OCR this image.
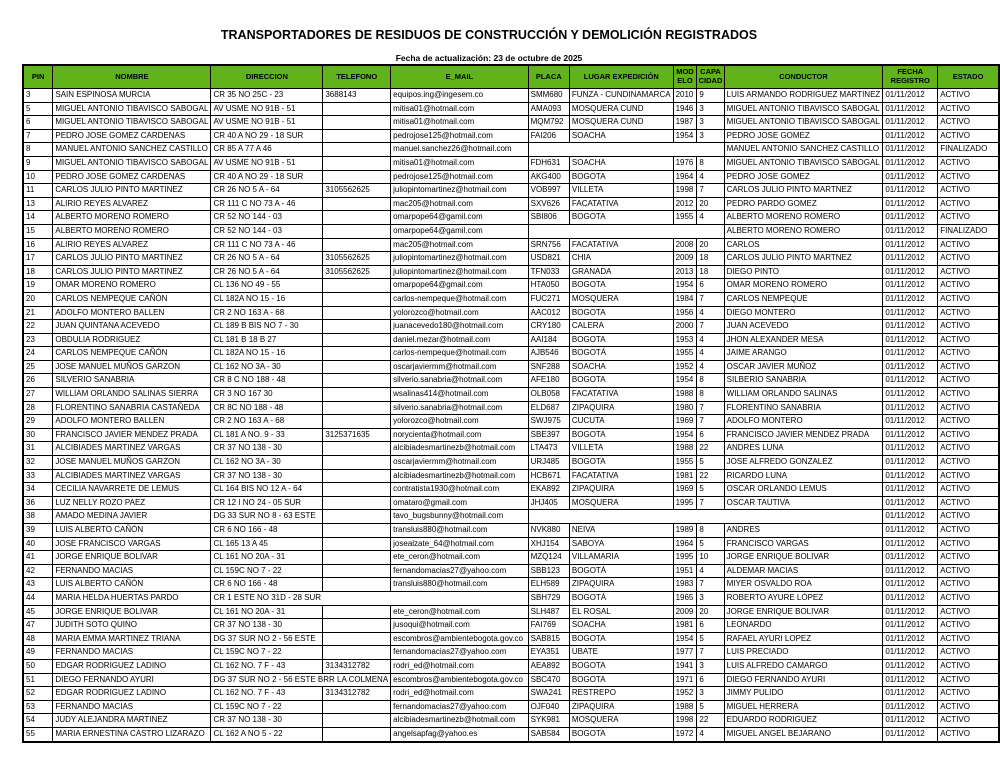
TRANSPORTADORES DE RESIDUOS DE CONSTRUCCIÓN Y DEMOLICIÓN REGISTRADOS
Fecha de actualización: 23 de octubre de 2025
PIN	NOMBRE	DIRECCION	TELEFONO	E_MAIL	PLACA	LUGAR EXPEDICIÓN	MODELO	CAPACIDAD	CONDUCTOR	FECHA REGISTRO	ESTADO
3	SAIN ESPINOSA MURCIA	CR 35 NO 25C - 23	3688143	equipos.ing@ingesem.co	SMM680	FUNZA - CUNDINAMARCA	2010	9	LUIS ARMANDO RODRIGUEZ MARTINEZ	01/11/2012	ACTIVO
5	MIGUEL ANTONIO TIBAVISCO SABOGAL	AV USME NO 91B - 51		mitisa01@hotmail.com	AMA093	MOSQUERA CUND	1946	3	MIGUEL ANTONIO TIBAVISCO SABOGAL	01/11/2012	ACTIVO
6	MIGUEL ANTONIO TIBAVISCO SABOGAL	AV USME NO 91B - 51		mitisa01@hotmail.com	MQM792	MOSQUERA CUND	1987	3	MIGUEL ANTONIO TIBAVISCO SABOGAL	01/11/2012	ACTIVO
7	PEDRO JOSE GOMEZ CARDENAS	CR 40 A NO 29 - 18 SUR		pedrojose125@hotmail.com	FAI206	SOACHA	1954	3	PEDRO JOSE GOMEZ	01/11/2012	ACTIVO
8	MANUEL ANTONIO SANCHEZ CASTILLO	CR 85 A 77 A 46		manuel.sanchez26@hotmail.com					MANUEL ANTONIO SANCHEZ CASTILLO	01/11/2012	FINALIZADO
9	MIGUEL ANTONIO TIBAVISCO SABOGAL	AV USME NO 91B - 51		mitisa01@hotmail.com	FDH631	SOACHA	1976	8	MIGUEL ANTONIO TIBAVISCO SABOGAL	01/11/2012	ACTIVO
10	PEDRO JOSE GOMEZ CARDENAS	CR 40 A NO 29 - 18 SUR		pedrojose125@hotmail.com	AKG400	BOGOTA	1964	4	PEDRO JOSE GOMEZ	01/11/2012	ACTIVO
11	CARLOS JULIO PINTO MARTINEZ	CR 26 NO 5 A - 64	3105562625	juliopintomartinez@hotmail.com	VOB997	VILLETA	1998	7	CARLOS JULIO PINTO MARTNEZ	01/11/2012	ACTIVO
13	ALIRIO REYES ALVAREZ	CR 111 C NO 73 A - 46		mac205@hotmail.com	SXV626	FACATATIVA	2012	20	PEDRO PARDO GOMEZ	01/11/2012	ACTIVO
14	ALBERTO MORENO ROMERO	CR 52 NO 144 - 03		omarpope64@gamil.com	SBI806	BOGOTA	1955	4	ALBERTO MORENO ROMERO	01/11/2012	ACTIVO
15	ALBERTO MORENO ROMERO	CR 52 NO 144 - 03		omarpope64@gamil.com					ALBERTO MORENO ROMERO	01/11/2012	FINALIZADO
16	ALIRIO REYES ALVAREZ	CR 111 C NO 73 A - 46		mac205@hotmail.com	SRN756	FACATATIVA	2008	20	CARLOS	01/11/2012	ACTIVO
17	CARLOS JULIO PINTO MARTINEZ	CR 26 NO 5 A - 64	3105562625	juliopintomartinez@hotmail.com	USD821	CHIA	2009	18	CARLOS JULIO PINTO MARTNEZ	01/11/2012	ACTIVO
18	CARLOS JULIO PINTO MARTINEZ	CR 26 NO 5 A - 64	3105562625	juliopintomartinez@hotmail.com	TFN033	GRANADA	2013	18	DIEGO PINTO	01/11/2012	ACTIVO
19	OMAR MORENO ROMERO	CL 136 NO 49 - 55		omarpope64@gmail.com	HTA050	BOGOTA	1954	6	OMAR MORENO ROMERO	01/11/2012	ACTIVO
20	CARLOS NEMPEQUE CAÑÓN	CL 182A NO 15 - 16		carlos-nempeque@hotmail.com	FUC271	MOSQUERA	1984	7	CARLOS NEMPEQUE	01/11/2012	ACTIVO
21	ADOLFO MONTERO BALLEN	CR 2 NO 163 A - 68		yolorozco@hotmail.com	AAC012	BOGOTA	1956	4	DIEGO MONTERO	01/11/2012	ACTIVO
22	JUAN QUINTANA ACEVEDO	CL 189 B BIS NO 7 - 30		juanacevedo180@hotmail.com	CRY180	CALERA	2000	7	JUAN ACEVEDO	01/11/2012	ACTIVO
23	OBDULIA RODRIGUEZ	CL 181 B 18 B 27		daniel.mezar@hotmail.com	AAI184	BOGOTA	1953	4	JHON ALEXANDER MESA	01/11/2012	ACTIVO
24	CARLOS NEMPEQUE CAÑÓN	CL 182A NO 15 - 16		carlos-nempeque@hotmail.com	AJB546	BOGOTÁ	1955	4	JAIME ARANGO	01/11/2012	ACTIVO
25	JOSE MANUEL MUÑOS GARZON	CL 162 NO 3A - 30		oscarjaviermm@hotmail.com	SNF288	SOACHA	1952	4	OSCAR JAVIER MUÑOZ	01/11/2012	ACTIVO
26	SILVERIO SANABRIA	CR 8 C NO 188 - 48		silverio.sanabria@hotmail.com	AFE180	BOGOTA	1954	8	SILBERIO SANABRIA	01/11/2012	ACTIVO
27	WILLIAM ORLANDO SALINAS SIERRA	CR 3 NO 167 30		wsalinas414@hotmail.com	OLB058	FACATATIVA	1988	8	WILLIAM ORLANDO SALINAS	01/11/2012	ACTIVO
28	FLORENTINO SANABRIA CASTAÑEDA	CR 8C NO 188 - 48		silverio.sanabria@hotmail.com	ELD687	ZIPAQUIRA	1980	7	FLORENTINO SANABRIA	01/11/2012	ACTIVO
29	ADOLFO MONTERO BALLEN	CR 2 NO 163 A - 68		yolorozco@hotmail.com	SWJ975	CUCUTA	1969	7	ADOLFO MONTERO	01/11/2012	ACTIVO
30	FRANCISCO JAVIER MENDEZ PRADA	CL 181 A NO. 9 - 33	3125371635	norycienta@hotmail.com	SBE397	BOGOTA	1954	6	FRANCISCO JAVIER MENDEZ PRADA	01/11/2012	ACTIVO
31	ALCIBIADES MARTINEZ VARGAS	CR 37 NO 138 - 30		alcibiadesmartinezb@hotmail.com	LTA473	VILLETA	1988	22	ANDRES LUNA	01/11/2012	ACTIVO
32	JOSE MANUEL MUÑOS GARZON	CL 162 NO 3A - 30		oscarjaviermm@hotmail.com	URJ485	BOGOTA	1955	5	JOSE ALFREDO GONZALEZ	01/11/2012	ACTIVO
33	ALCIBIADES MARTINEZ VARGAS	CR 37 NO 138 - 30		alcibiadesmartinezb@hotmail.com	HCB671	FACATATIVA	1981	22	RICARDO LUNA	01/11/2012	ACTIVO
34	CECILIA NAVARRETE DE LEMUS	CL 164 BIS NO 12 A - 64		contratista1930@hotmail.com	EKA892	ZIPAQUIRA	1969	5	OSCAR ORLANDO LEMUS	01/11/2012	ACTIVO
36	LUZ NELLY ROZO PAEZ	CR 12 I NO 24 - 05 SUR		omataro@gmail.com	JHJ405	MOSQUERA	1995	7	OSCAR TAUTIVA	01/11/2012	ACTIVO
38	AMADO MEDINA JAVIER	DG 33 SUR NO 8 - 63 ESTE		tavo_bugsbunny@hotmail.com						01/11/2012	ACTIVO
39	LUIS ALBERTO CAÑÓN	CR 6 NO 166 - 48		transluis880@hotmail.com	NVK880	NEIVA	1989	8	ANDRES	01/11/2012	ACTIVO
40	JOSE FRANCISCO VARGAS	CL 165 13 A 45		josealzate_64@hotmail.com	XHJ154	SABOYA	1964	5	FRANCISCO VARGAS	01/11/2012	ACTIVO
41	JORGE ENRIQUE BOLIVAR	CL 161 NO 20A - 31		ete_ceron@hotmail.com	MZQ124	VILLAMARIA	1995	10	JORGE ENRIQUE BOLIVAR	01/11/2012	ACTIVO
42	FERNANDO MACIAS	CL 159C NO 7 - 22		fernandomacias27@yahoo.com	SBB123	BOGOTÁ	1951	4	ALDEMAR MACIAS	01/11/2012	ACTIVO
43	LUIS ALBERTO CAÑÓN	CR 6 NO 166 - 48		transluis880@hotmail.com	ELH589	ZIPAQUIRA	1983	7	MIYER OSVALDO ROA	01/11/2012	ACTIVO
44	MARIA HELDA HUERTAS PARDO	CR 1 ESTE NO 31D - 28 SUR			SBH729	BOGOTÁ	1965	3	ROBERTO AYURE LÓPEZ	01/11/2012	ACTIVO
45	JORGE ENRIQUE BOLIVAR	CL 161 NO 20A - 31		ete_ceron@hotmail.com	SLH487	EL ROSAL	2009	20	JORGE ENRIQUE BOLIVAR	01/11/2012	ACTIVO
47	JUDITH SOTO QUINO	CR 37 NO 138 - 30		jusoqui@hotmail.com	FAI769	SOACHA	1981	6	LEONARDO	01/11/2012	ACTIVO
48	MARIA EMMA MARTINEZ TRIANA	DG 37 SUR NO 2 - 56 ESTE		escombros@ambientebogota.gov.co	SAB815	BOGOTA	1954	5	RAFAEL AYURI LOPEZ	01/11/2012	ACTIVO
49	FERNANDO MACIAS	CL 159C NO 7 - 22		fernandomacias27@yahoo.com	EYA351	UBATE	1977	7	LUIS PRECIADO	01/11/2012	ACTIVO
50	EDGAR RODRIGUEZ LADINO	CL 162 NO. 7 F - 43	3134312782	rodri_ed@hotmail.com	AEA892	BOGOTA	1941	3	LUIS ALFREDO CAMARGO	01/11/2012	ACTIVO
51	DIEGO FERNANDO AYURI	DG 37 SUR NO 2 - 56 ESTE BRR LA COLMENA		escombros@ambientebogota.gov.co	SBC470	BOGOTA	1971	6	DIEGO FERNANDO AYURI	01/11/2012	ACTIVO
52	EDGAR RODRIGUEZ LADINO	CL 162 NO. 7 F - 43	3134312782	rodri_ed@hotmail.com	SWA241	RESTREPO	1952	3	JIMMY PULIDO	01/11/2012	ACTIVO
53	FERNANDO MACIAS	CL 159C NO 7 - 22		fernandomacias27@yahoo.com	OJF040	ZIPAQUIRA	1988	5	MIGUEL HERRERA	01/11/2012	ACTIVO
54	JUDY ALEJANDRA MARTINEZ	CR 37 NO 138 - 30		alcibiadesmartinezb@hotmail.com	SYK981	MOSQUERA	1998	22	EDUARDO RODRIGUEZ	01/11/2012	ACTIVO
55	MARIA ERNESTINA CASTRO LIZARAZO	CL 162 A NO 5 - 22		angelsapfag@yahoo.es	SAB584	BOGOTA	1972	4	MIGUEL ANGEL BEJARANO	01/11/2012	ACTIVO
